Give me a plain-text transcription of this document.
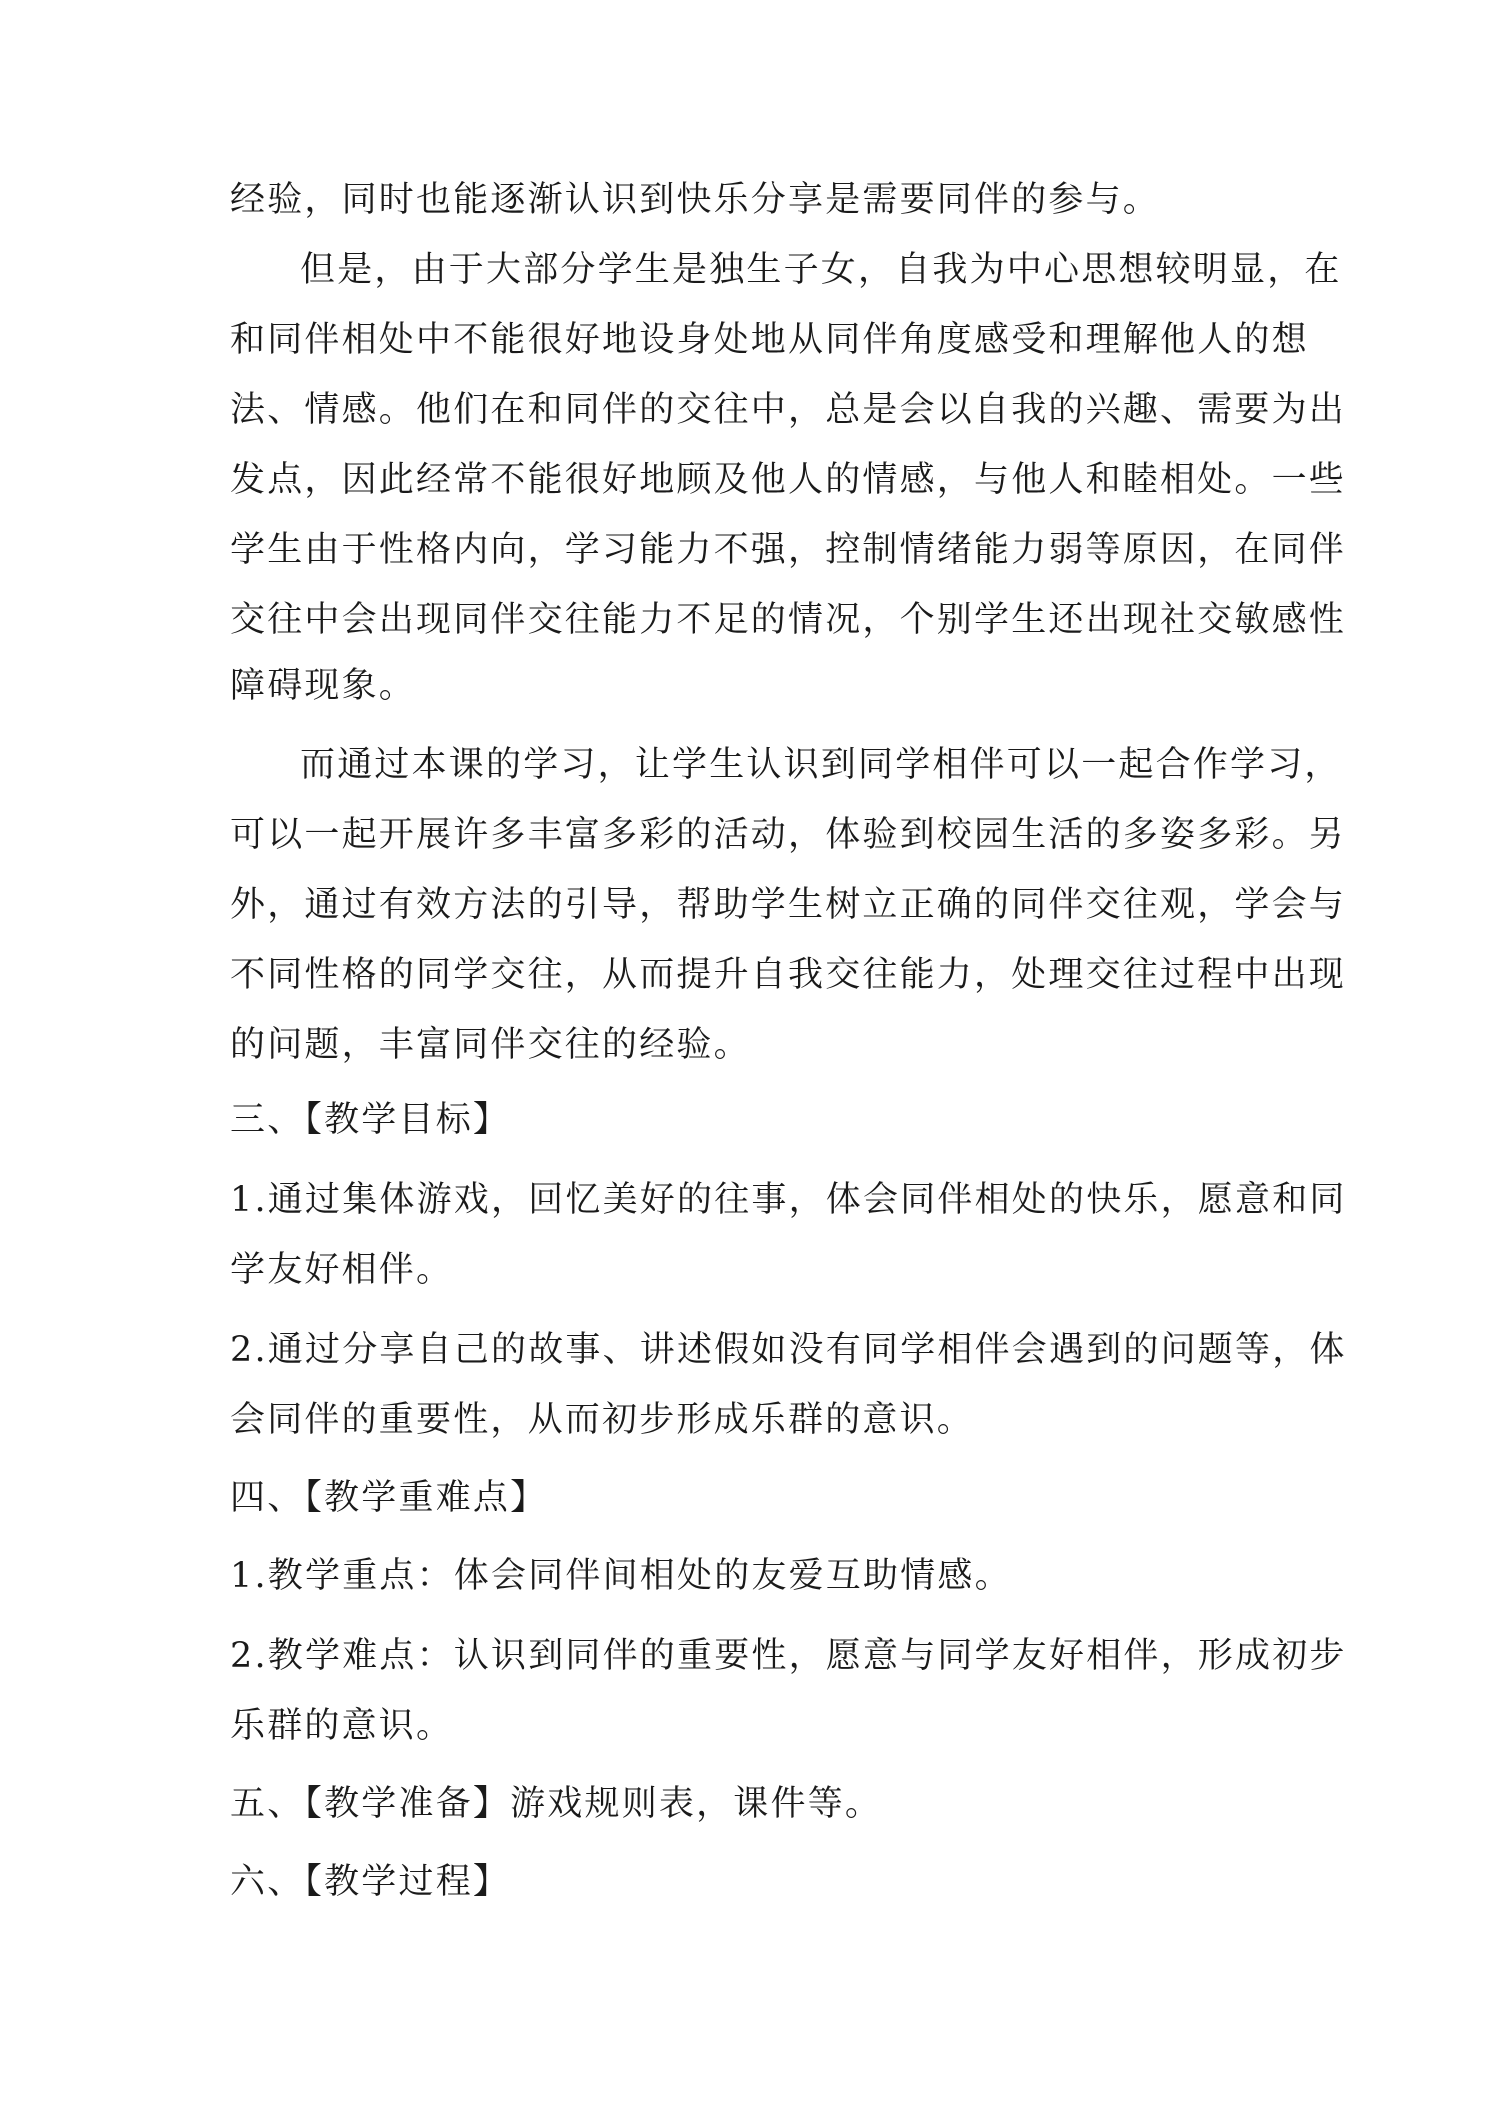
经验，同时也能逐渐认识到快乐分享是需要同伴的参与。
但是，由于大部分学生是独生子女，自我为中心思想较明显，在
和同伴相处中不能很好地设身处地从同伴角度感受和理解他人的想
法、情感。他们在和同伴的交往中，总是会以自我的兴趣、需要为出
发点，因此经常不能很好地顾及他人的情感，与他人和睦相处。一些
学生由于性格内向，学习能力不强，控制情绪能力弱等原因，在同伴
交往中会出现同伴交往能力不足的情况，个别学生还出现社交敏感性
障碍现象。
而通过本课的学习，让学生认识到同学相伴可以一起合作学习，
可以一起开展许多丰富多彩的活动，体验到校园生活的多姿多彩。另
外，通过有效方法的引导，帮助学生树立正确的同伴交往观，学会与
不同性格的同学交往，从而提升自我交往能力，处理交往过程中出现
的问题，丰富同伴交往的经验。
三、【教学目标】
1.通过集体游戏，回忆美好的往事，体会同伴相处的快乐，愿意和同
学友好相伴。
2.通过分享自己的故事、讲述假如没有同学相伴会遇到的问题等，体
会同伴的重要性，从而初步形成乐群的意识。
四、【教学重难点】
1.教学重点：体会同伴间相处的友爱互助情感。
2.教学难点：认识到同伴的重要性，愿意与同学友好相伴，形成初步
乐群的意识。
五、【教学准备】游戏规则表，课件等。
六、【教学过程】
